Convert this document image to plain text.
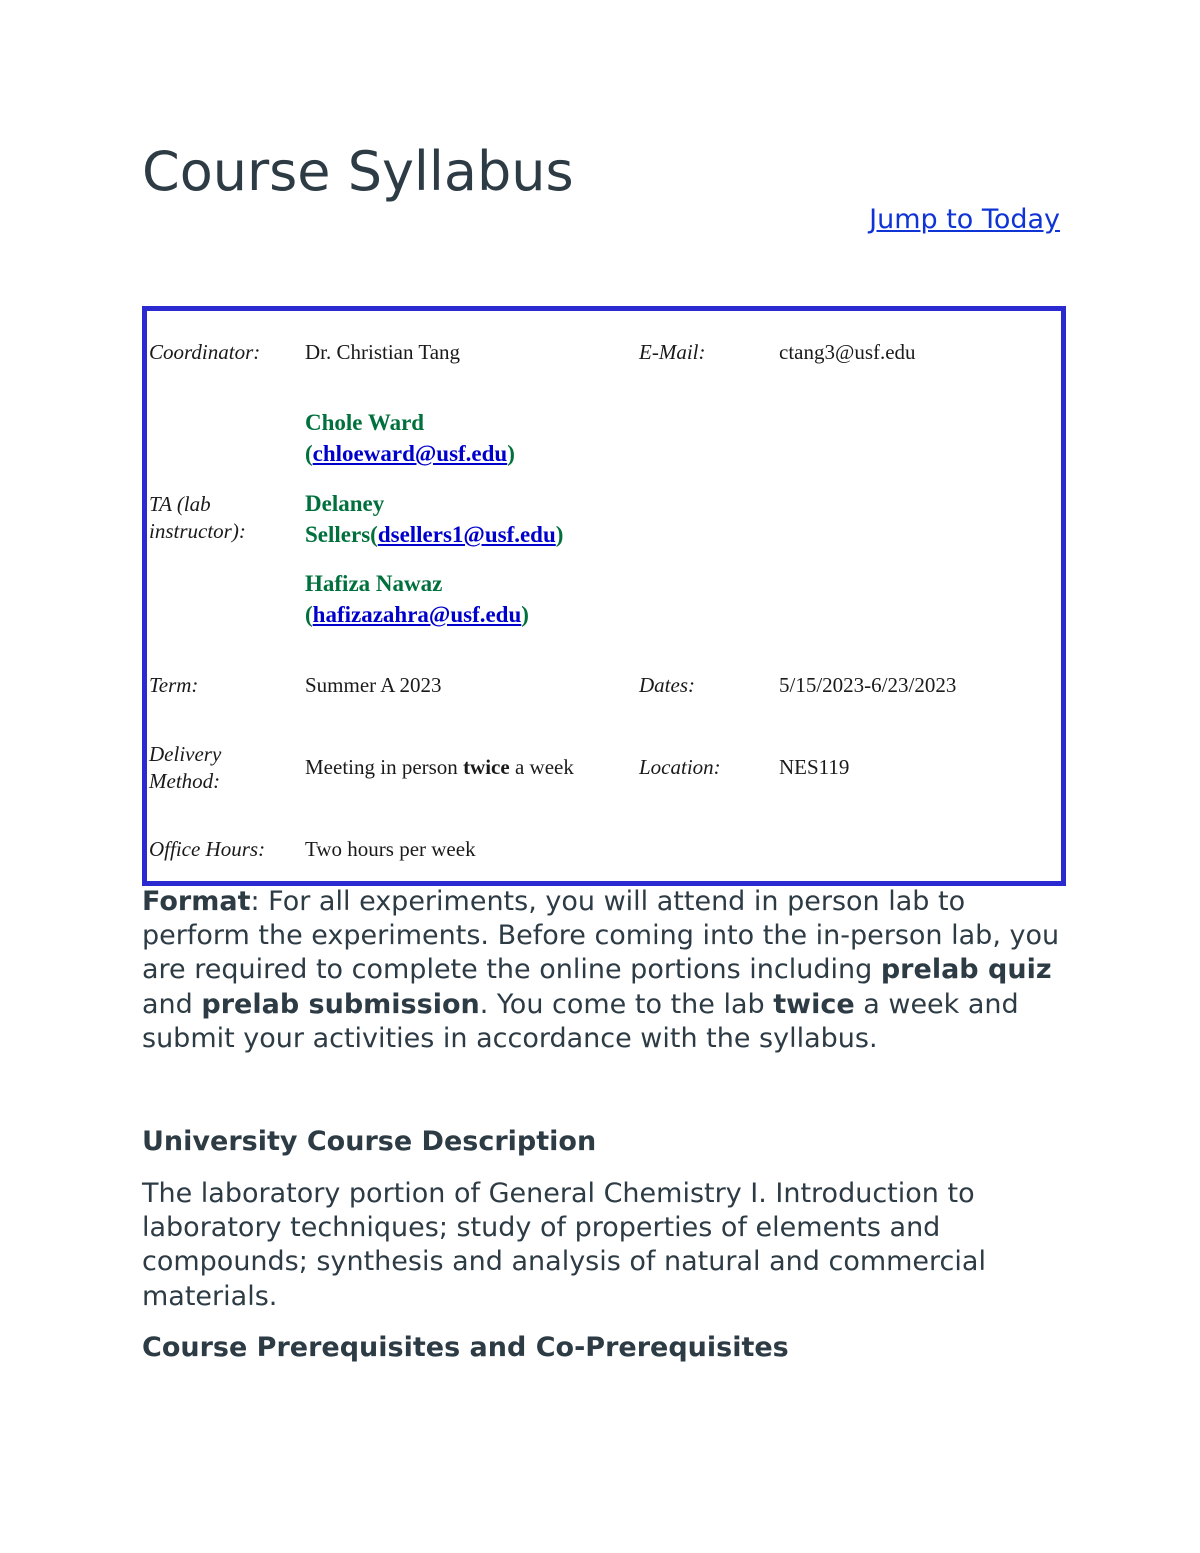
Course Syllabus
Jump to Today
Coordinator: Dr. Christian Tang	E-Mail:	ctang3@usf.edu
TA (lab instructor):
Chole Ward
(chloeward@usf.edu)
Delaney Sellers(dsellers1@usf.edu)
Hafiza Nawaz
(hafizazahra@usf.edu)
Term:	Summer A 2023	Dates:	5/15/2023-6/23/2023
Delivery Method:
Meeting in person twice a week	Location:	NES119
Office Hours: Two hours per week

Format: For all experiments, you will attend in person lab to perform the experiments. Before coming into the in-person lab, you are required to complete the online portions including prelab quiz and prelab submission. You come to the lab twice a week and submit your activities in accordance with the syllabus.

University Course Description

The laboratory portion of General Chemistry I. Introduction to laboratory techniques; study of properties of elements and compounds; synthesis and analysis of natural and commercial materials.

Course Prerequisites and Co-Prerequisites
